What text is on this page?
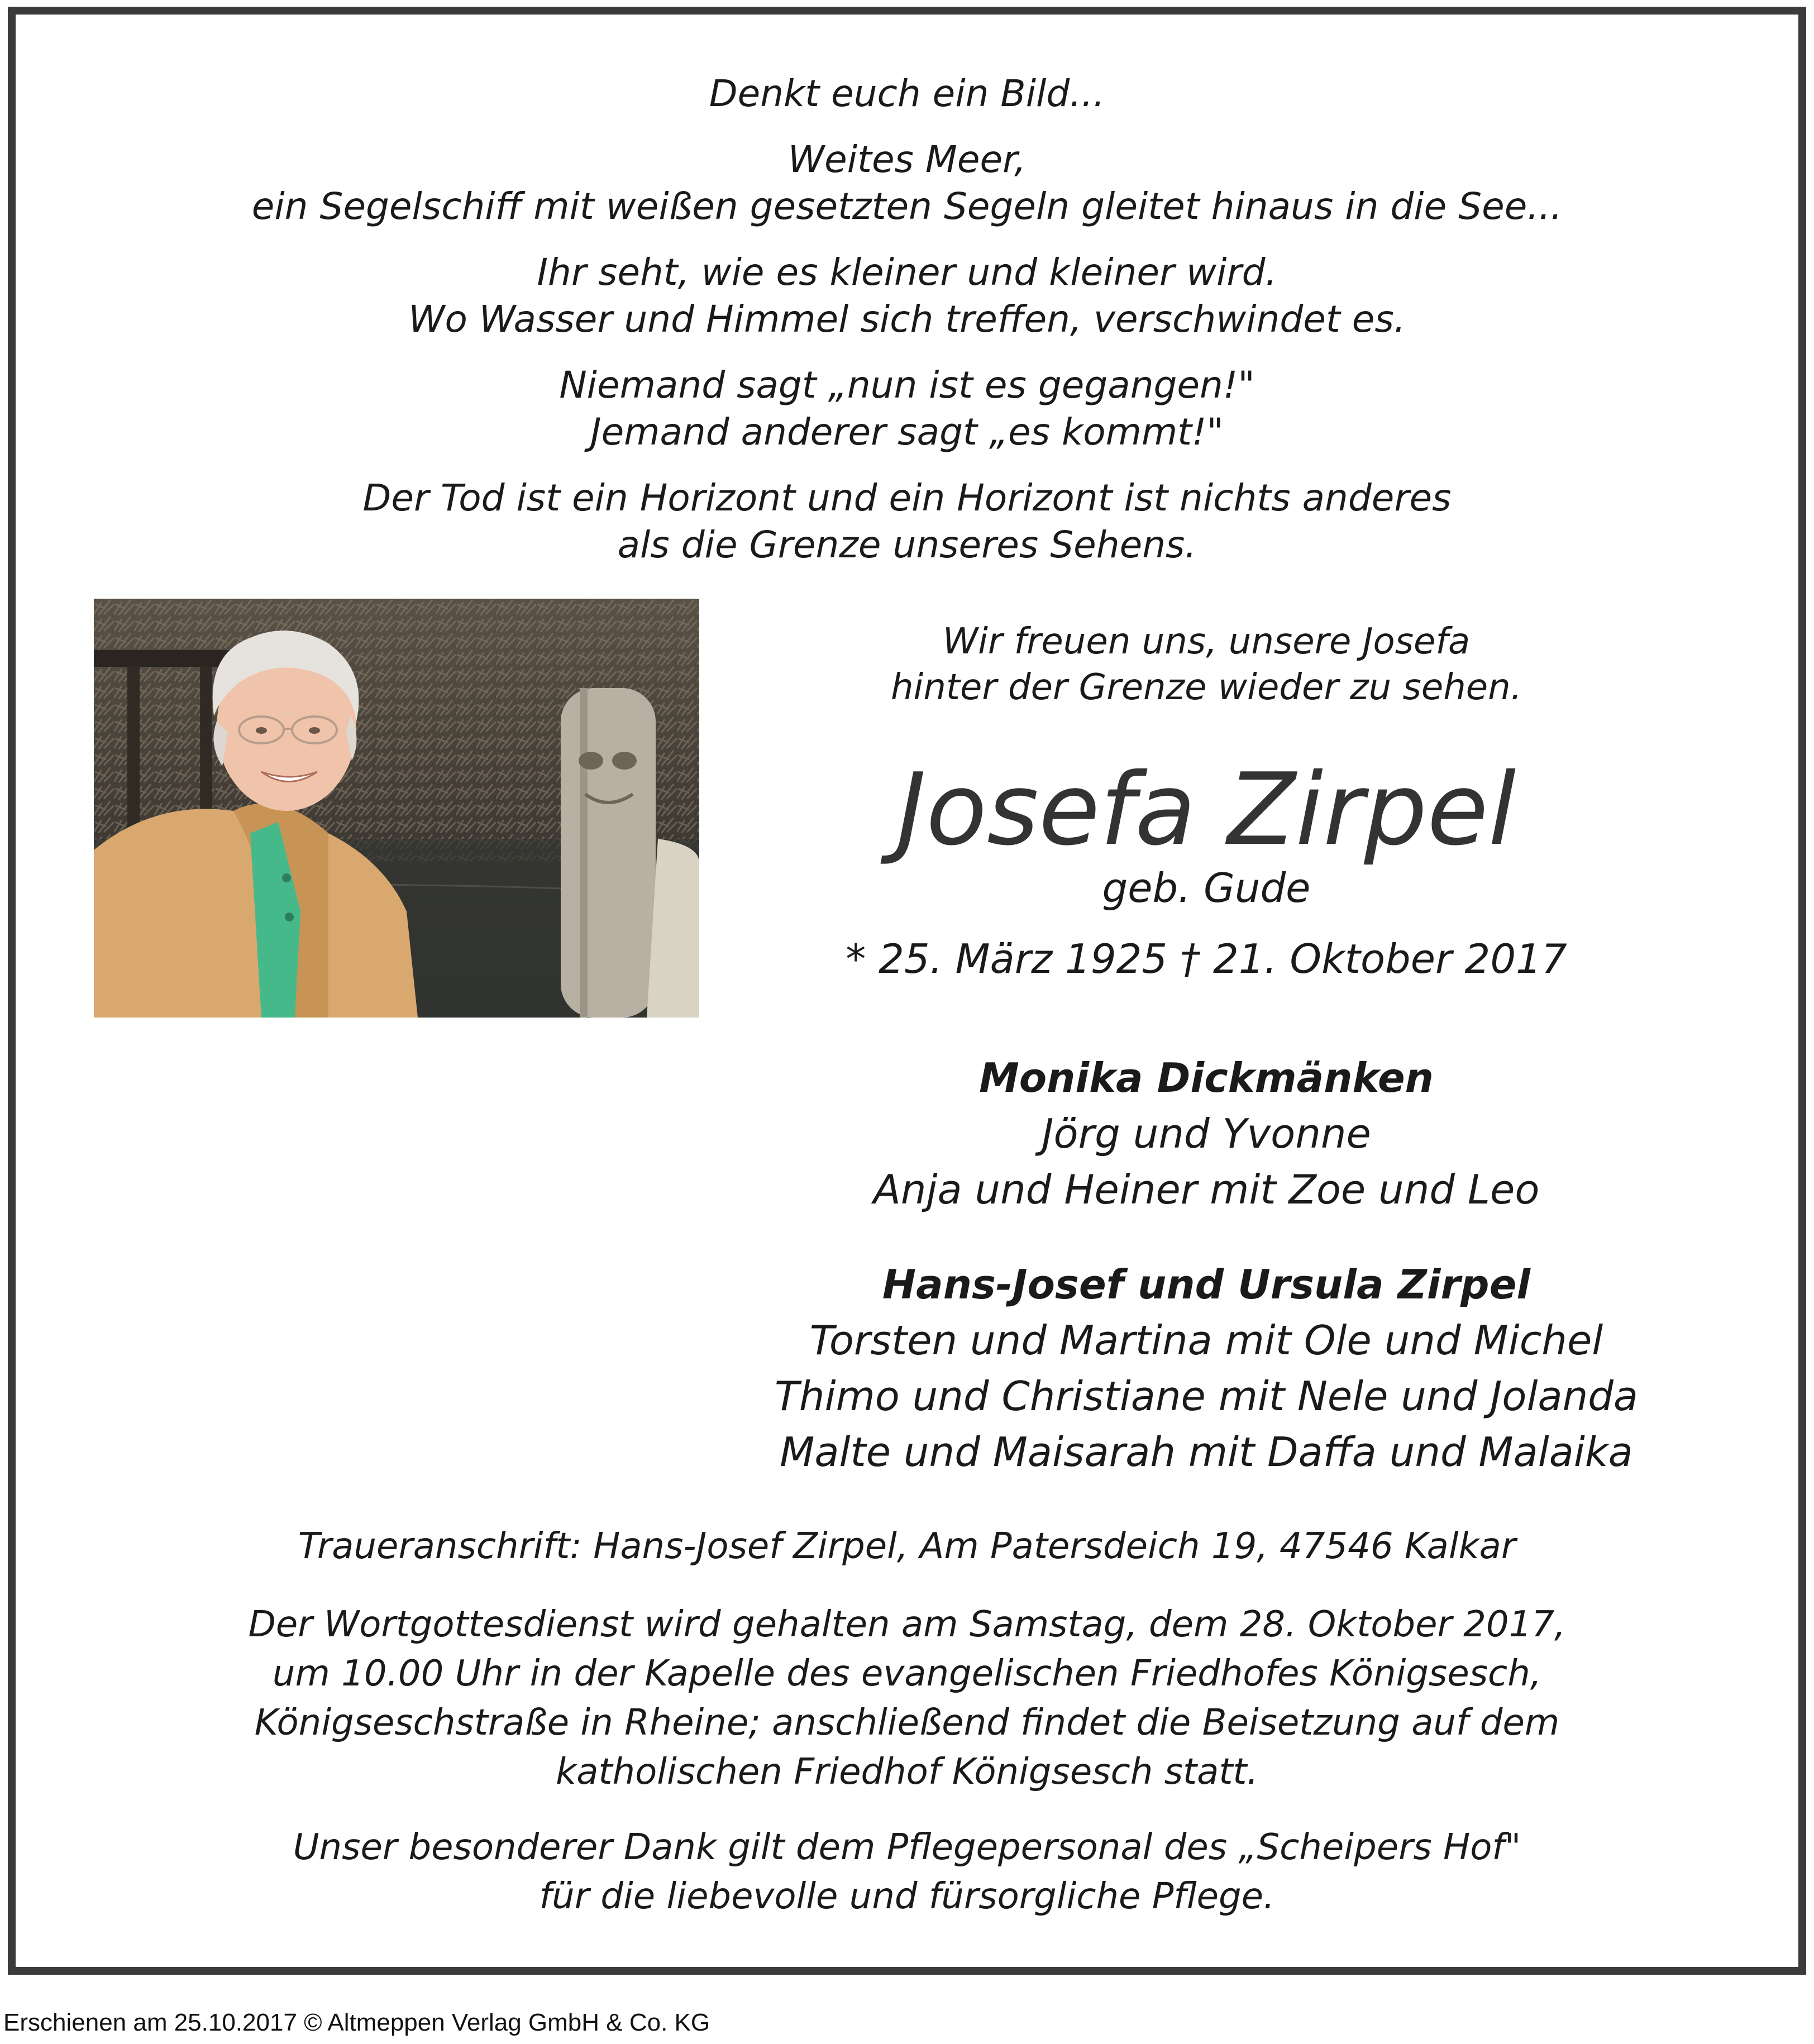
Denkt euch ein Bild...

Weites Meer,

ein Segelschiff mit weißen gesetzten Segeln gleitet hinaus in die See...

Ihr seht, wie es kleiner und kleiner wird.

Wo Wasser und Himmel sich treffen, verschwindet es.

Niemand sagt „nun ist es gegangen!"

Jemand anderer sagt „es kommt!"

Der Tod ist ein Horizont und ein Horizont ist nichts anderes

als die Grenze unseres Sehens.

Wir freuen uns, unsere Josefa

hinter der Grenze wieder zu sehen.

Josefa Zirpel
geb. Gude
* 25. März 1925 † 21. Oktober 2017

Monika Dickmänken

Jörg und Yvonne

Anja und Heiner mit Zoe und Leo

Hans-Josef und Ursula Zirpel

Torsten und Martina mit Ole und Michel

Thimo und Christiane mit Nele und Jolanda

Malte und Maisarah mit Daffa und Malaika

Traueranschrift: Hans-Josef Zirpel, Am Patersdeich 19, 47546 Kalkar

Der Wortgottesdienst wird gehalten am Samstag, dem 28. Oktober 2017,

um 10.00 Uhr in der Kapelle des evangelischen Friedhofes Königsesch,

Königseschstraße in Rheine; anschließend findet die Beisetzung auf dem

katholischen Friedhof Königsesch statt.

Unser besonderer Dank gilt dem Pflegepersonal des „Scheipers Hof"

für die liebevolle und fürsorgliche Pflege.

Erschienen am 25.10.2017 © Altmeppen Verlag GmbH & Co. KG
